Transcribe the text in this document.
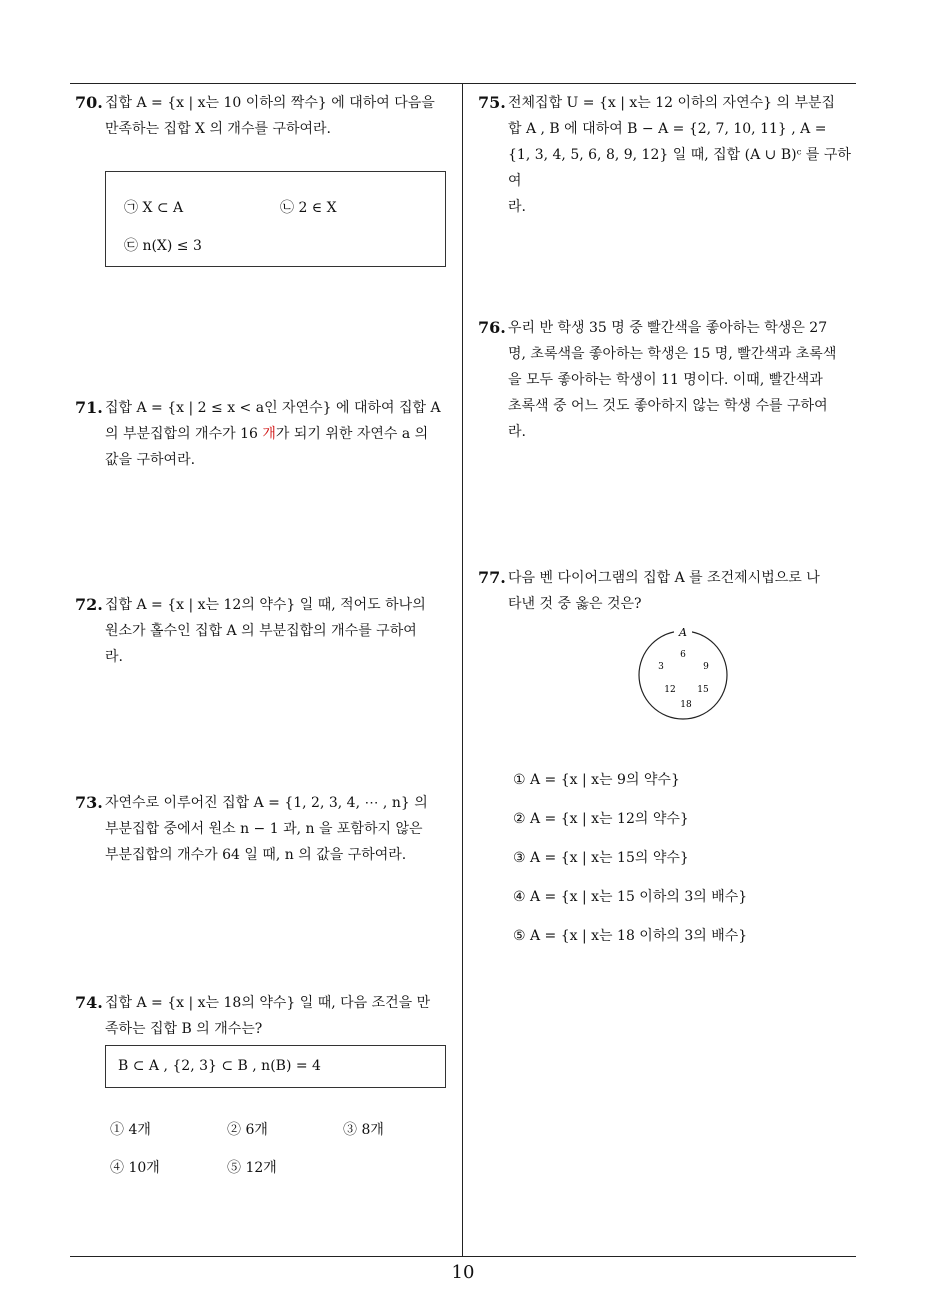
70. 집합 A = {x | x는 10 이하의 짝수} 에 대하여 다음을

만족하는 집합 X 의 개수를 구하여라.

㉠ X ⊂ A	㉡ 2 ∈ X
㉢ n(X) ≤ 3
71. 집합 A = {x | 2 ≤ x < a인 자연수} 에 대하여 집합 A

의 부분집합의 개수가 16 개가 되기 위한 자연수 a 의

값을 구하여라.

72. 집합 A = {x | x는 12의 약수} 일 때, 적어도 하나의

원소가 홀수인 집합 A 의 부분집합의 개수를 구하여

라.

73. 자연수로 이루어진 집합 A = {1, 2, 3, 4, ⋯ , n} 의

부분집합 중에서 원소 n − 1 과, n 을 포함하지 않은

부분집합의 개수가 64 일 때, n 의 값을 구하여라.

74. 집합 A = {x | x는 18의 약수} 일 때, 다음 조건을 만

족하는 집합 B 의 개수는?

B ⊂ A , {2, 3} ⊂ B , n(B) = 4
① 4개	② 6개	③ 8개
④ 10개	⑤ 12개
75. 전체집합 U = {x | x는 12 이하의 자연수} 의 부분집

합 A , B 에 대하여 B − A = {2, 7, 10, 11} , A =

{1, 3, 4, 5, 6, 8, 9, 12} 일 때, 집합 (A ∪ B)ᶜ 를 구하여

라.

76. 우리 반 학생 35 명 중 빨간색을 좋아하는 학생은 27

명, 초록색을 좋아하는 학생은 15 명, 빨간색과 초록색

을 모두 좋아하는 학생이 11 명이다. 이때, 빨간색과

초록색 중 어느 것도 좋아하지 않는 학생 수를 구하여

라.

77. 다음 벤 다이어그램의 집합 A 를 조건제시법으로 나

타낸 것 중 옳은 것은?

A
3
6
9
12 15
18
① A = {x | x는 9의 약수}
② A = {x | x는 12의 약수}
③ A = {x | x는 15의 약수}
④ A = {x | x는 15 이하의 3의 배수}
⑤ A = {x | x는 18 이하의 3의 배수}
10
